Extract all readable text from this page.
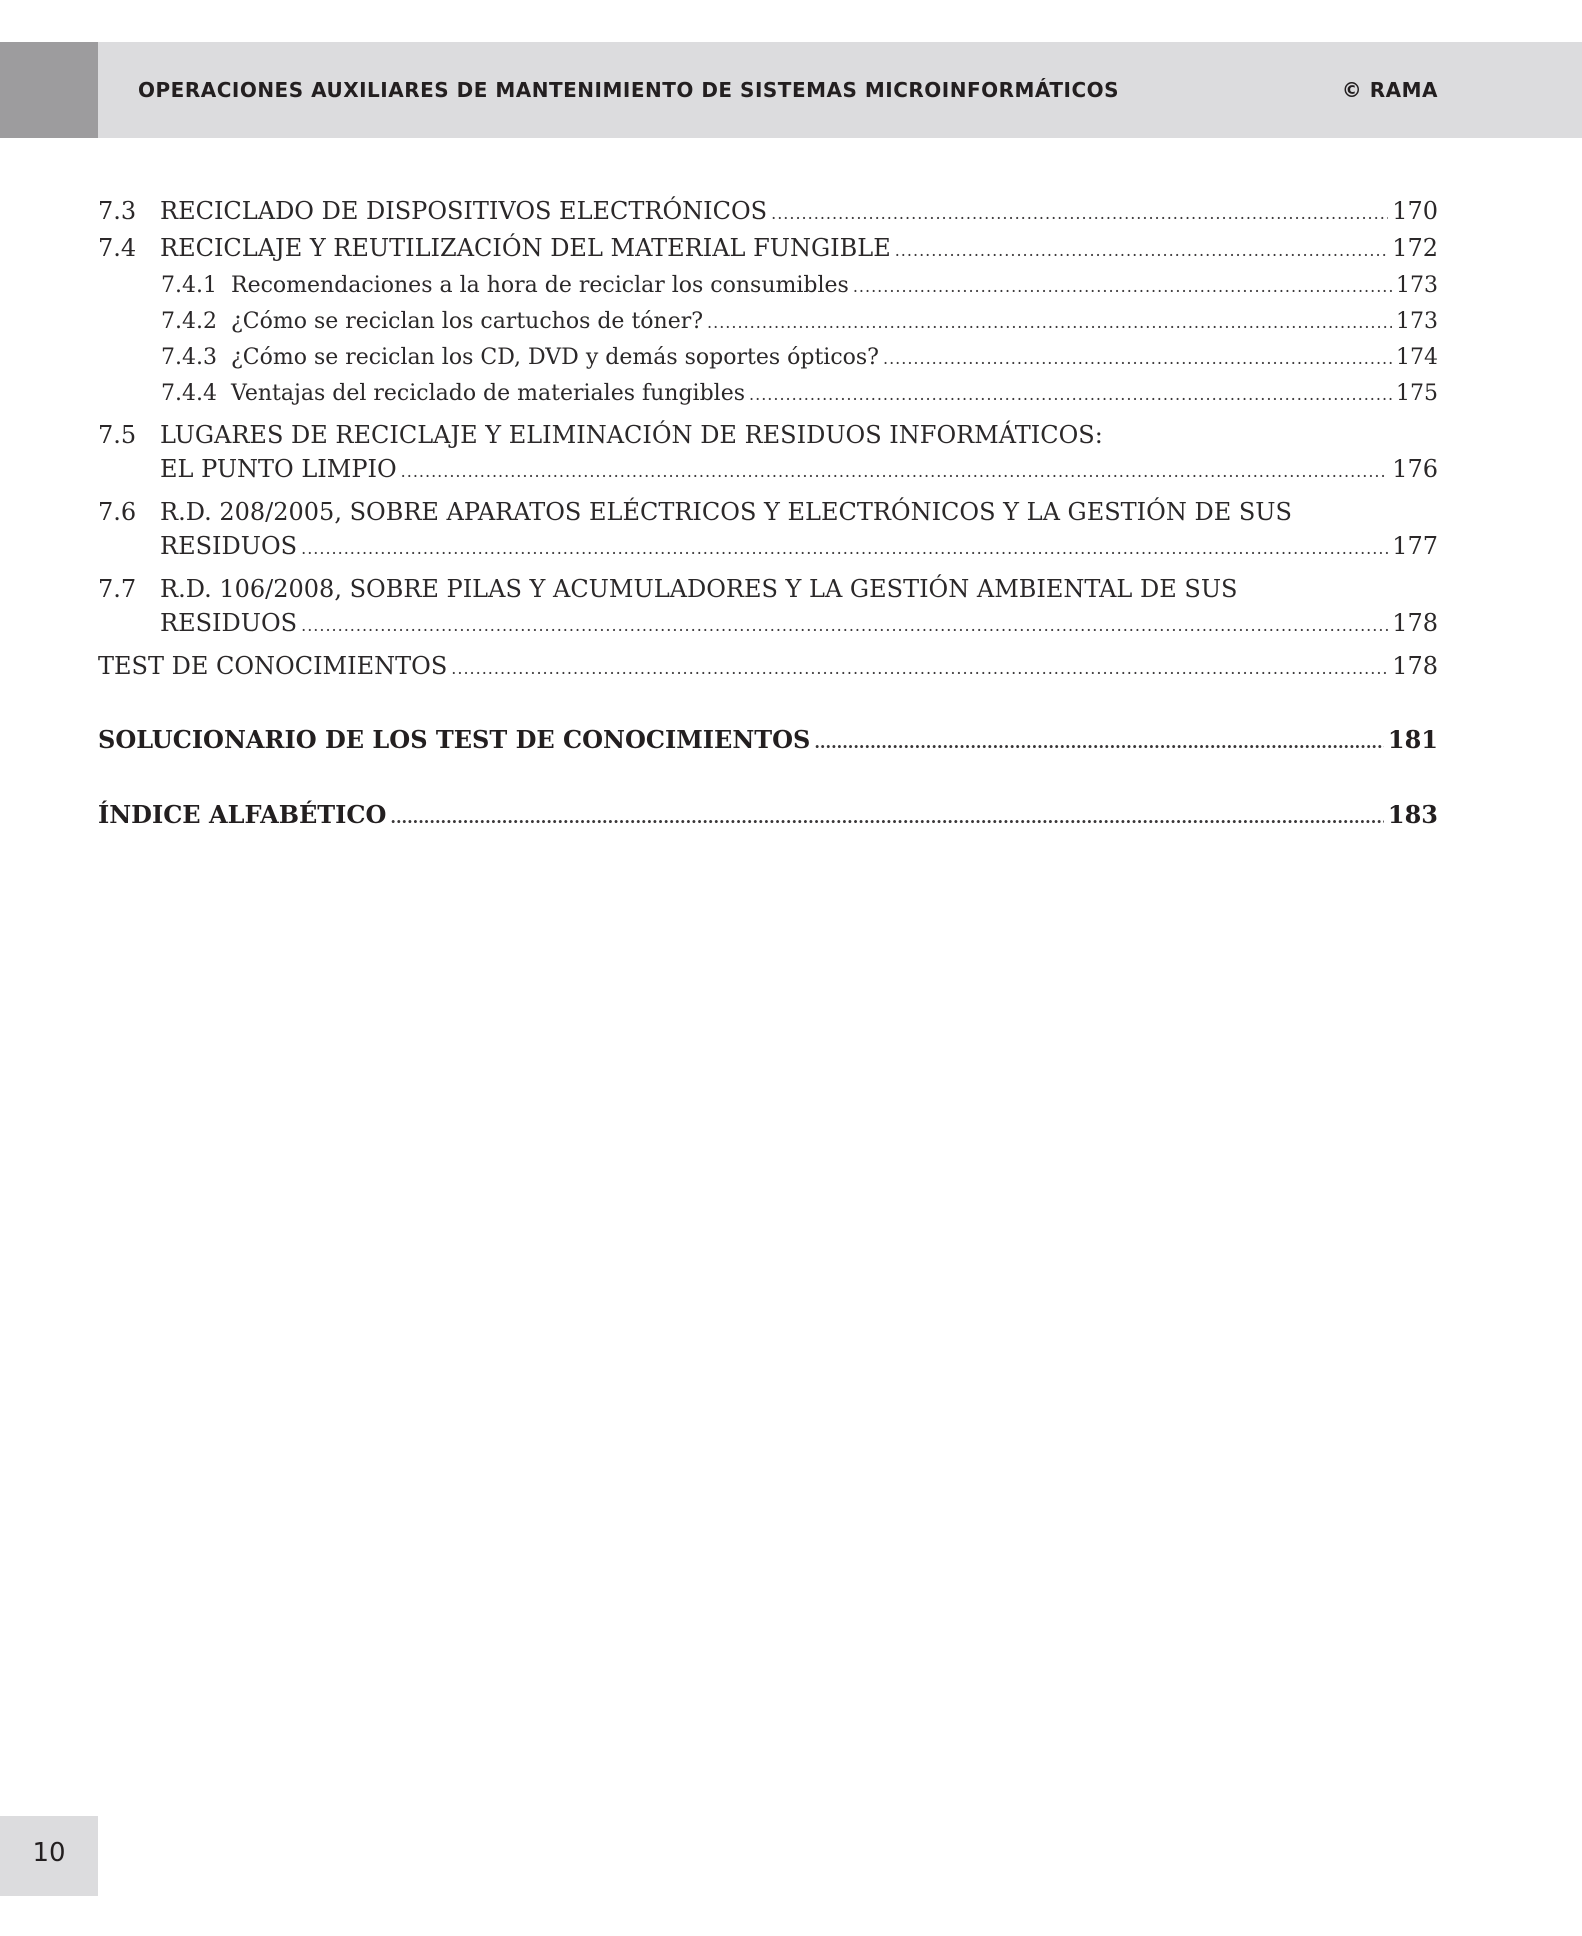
OPERACIONES AUXILIARES DE MANTENIMIENTO DE SISTEMAS MICROINFORMÁTICOS	© RAMA
7.3 RECICLADO DE DISPOSITIVOS ELECTRÓNICOS .....	170
7.4 RECICLAJE Y REUTILIZACIÓN DEL MATERIAL FUNGIBLE .....	172
7.4.1 Recomendaciones a la hora de reciclar los consumibles .....	173
7.4.2 ¿Cómo se reciclan los cartuchos de tóner? .....	173
7.4.3 ¿Cómo se reciclan los CD, DVD y demás soportes ópticos? .....	174
7.4.4 Ventajas del reciclado de materiales fungibles .....	175
7.5 LUGARES DE RECICLAJE Y ELIMINACIÓN DE RESIDUOS INFORMÁTICOS:
EL PUNTO LIMPIO .....	176
7.6 R.D. 208/2005, SOBRE APARATOS ELÉCTRICOS Y ELECTRÓNICOS Y LA GESTIÓN DE SUS
RESIDUOS .....	177
7.7 R.D. 106/2008, SOBRE PILAS Y ACUMULADORES Y LA GESTIÓN AMBIENTAL DE SUS
RESIDUOS .....	178
TEST DE CONOCIMIENTOS .....	178
SOLUCIONARIO DE LOS TEST DE CONOCIMIENTOS .....	181
ÍNDICE ALFABÉTICO .....	183
10
